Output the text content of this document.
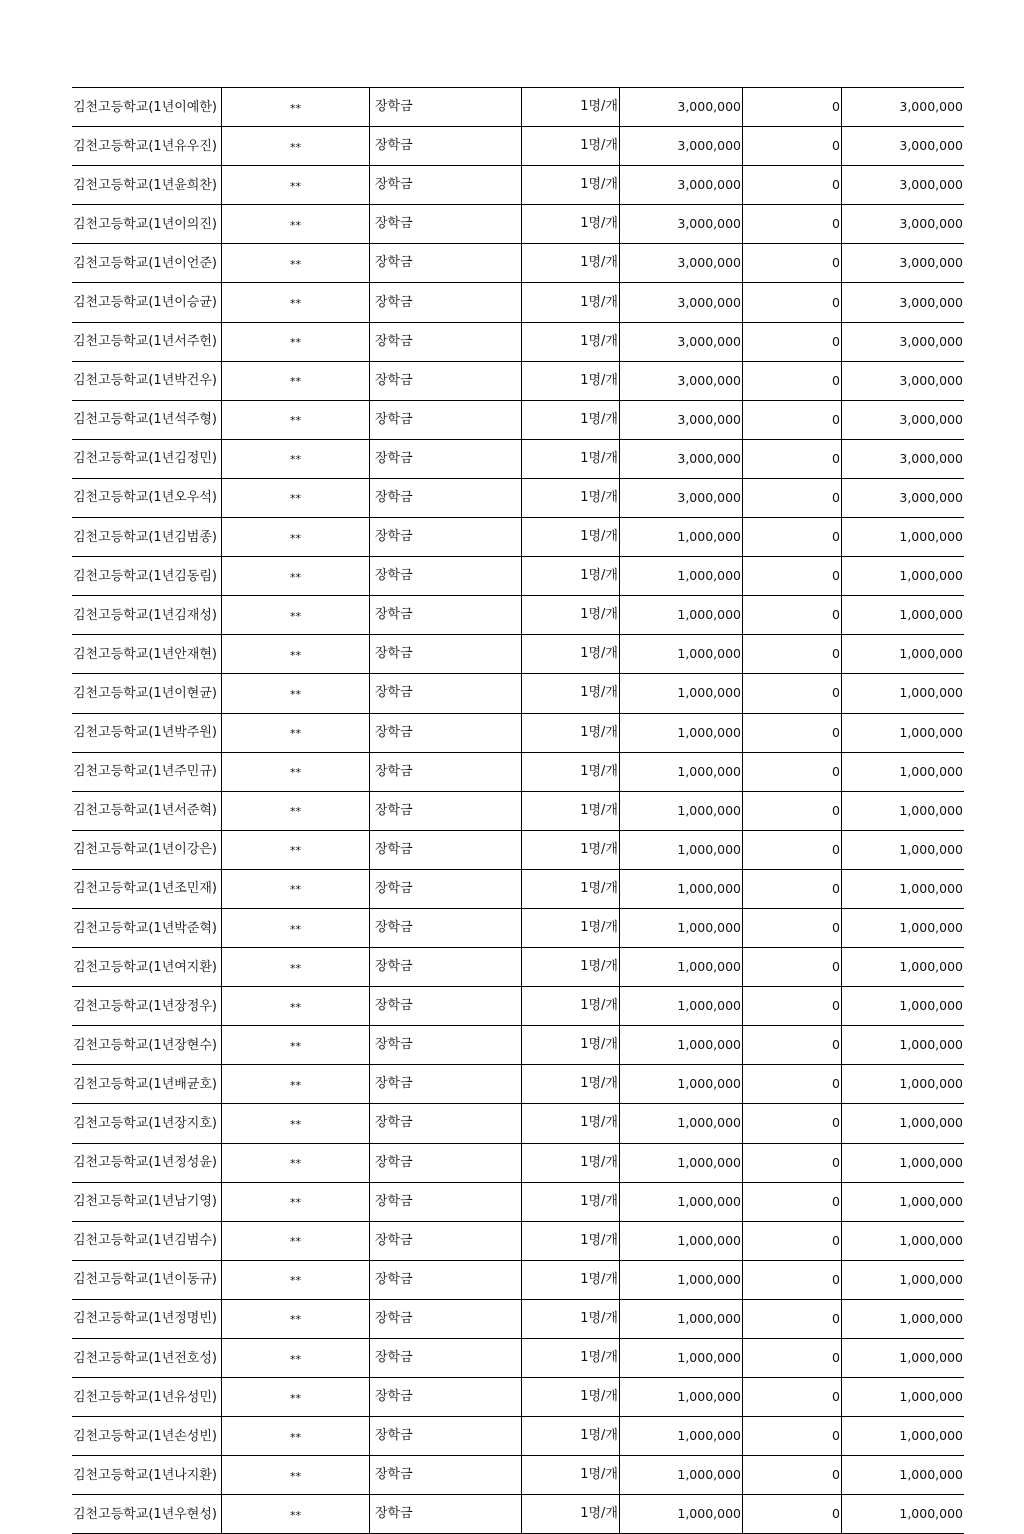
김천고등학교(1년이예한)	**	장학금	1명/개	3,000,000	0	3,000,000
김천고등학교(1년유우진)	**	장학금	1명/개	3,000,000	0	3,000,000
김천고등학교(1년윤희찬)	**	장학금	1명/개	3,000,000	0	3,000,000
김천고등학교(1년이의진)	**	장학금	1명/개	3,000,000	0	3,000,000
김천고등학교(1년이언준)	**	장학금	1명/개	3,000,000	0	3,000,000
김천고등학교(1년이승균)	**	장학금	1명/개	3,000,000	0	3,000,000
김천고등학교(1년서주헌)	**	장학금	1명/개	3,000,000	0	3,000,000
김천고등학교(1년박건우)	**	장학금	1명/개	3,000,000	0	3,000,000
김천고등학교(1년석주형)	**	장학금	1명/개	3,000,000	0	3,000,000
김천고등학교(1년김정민)	**	장학금	1명/개	3,000,000	0	3,000,000
김천고등학교(1년오우석)	**	장학금	1명/개	3,000,000	0	3,000,000
김천고등학교(1년김범종)	**	장학금	1명/개	1,000,000	0	1,000,000
김천고등학교(1년김동림)	**	장학금	1명/개	1,000,000	0	1,000,000
김천고등학교(1년김재성)	**	장학금	1명/개	1,000,000	0	1,000,000
김천고등학교(1년안재현)	**	장학금	1명/개	1,000,000	0	1,000,000
김천고등학교(1년이현균)	**	장학금	1명/개	1,000,000	0	1,000,000
김천고등학교(1년박주원)	**	장학금	1명/개	1,000,000	0	1,000,000
김천고등학교(1년주민규)	**	장학금	1명/개	1,000,000	0	1,000,000
김천고등학교(1년서준혁)	**	장학금	1명/개	1,000,000	0	1,000,000
김천고등학교(1년이강은)	**	장학금	1명/개	1,000,000	0	1,000,000
김천고등학교(1년조민재)	**	장학금	1명/개	1,000,000	0	1,000,000
김천고등학교(1년박준혁)	**	장학금	1명/개	1,000,000	0	1,000,000
김천고등학교(1년여지환)	**	장학금	1명/개	1,000,000	0	1,000,000
김천고등학교(1년장정우)	**	장학금	1명/개	1,000,000	0	1,000,000
김천고등학교(1년장현수)	**	장학금	1명/개	1,000,000	0	1,000,000
김천고등학교(1년배균호)	**	장학금	1명/개	1,000,000	0	1,000,000
김천고등학교(1년장지호)	**	장학금	1명/개	1,000,000	0	1,000,000
김천고등학교(1년정성윤)	**	장학금	1명/개	1,000,000	0	1,000,000
김천고등학교(1년남기영)	**	장학금	1명/개	1,000,000	0	1,000,000
김천고등학교(1년김범수)	**	장학금	1명/개	1,000,000	0	1,000,000
김천고등학교(1년이동규)	**	장학금	1명/개	1,000,000	0	1,000,000
김천고등학교(1년정명빈)	**	장학금	1명/개	1,000,000	0	1,000,000
김천고등학교(1년전호성)	**	장학금	1명/개	1,000,000	0	1,000,000
김천고등학교(1년유성민)	**	장학금	1명/개	1,000,000	0	1,000,000
김천고등학교(1년손성빈)	**	장학금	1명/개	1,000,000	0	1,000,000
김천고등학교(1년나지환)	**	장학금	1명/개	1,000,000	0	1,000,000
김천고등학교(1년우현성)	**	장학금	1명/개	1,000,000	0	1,000,000
